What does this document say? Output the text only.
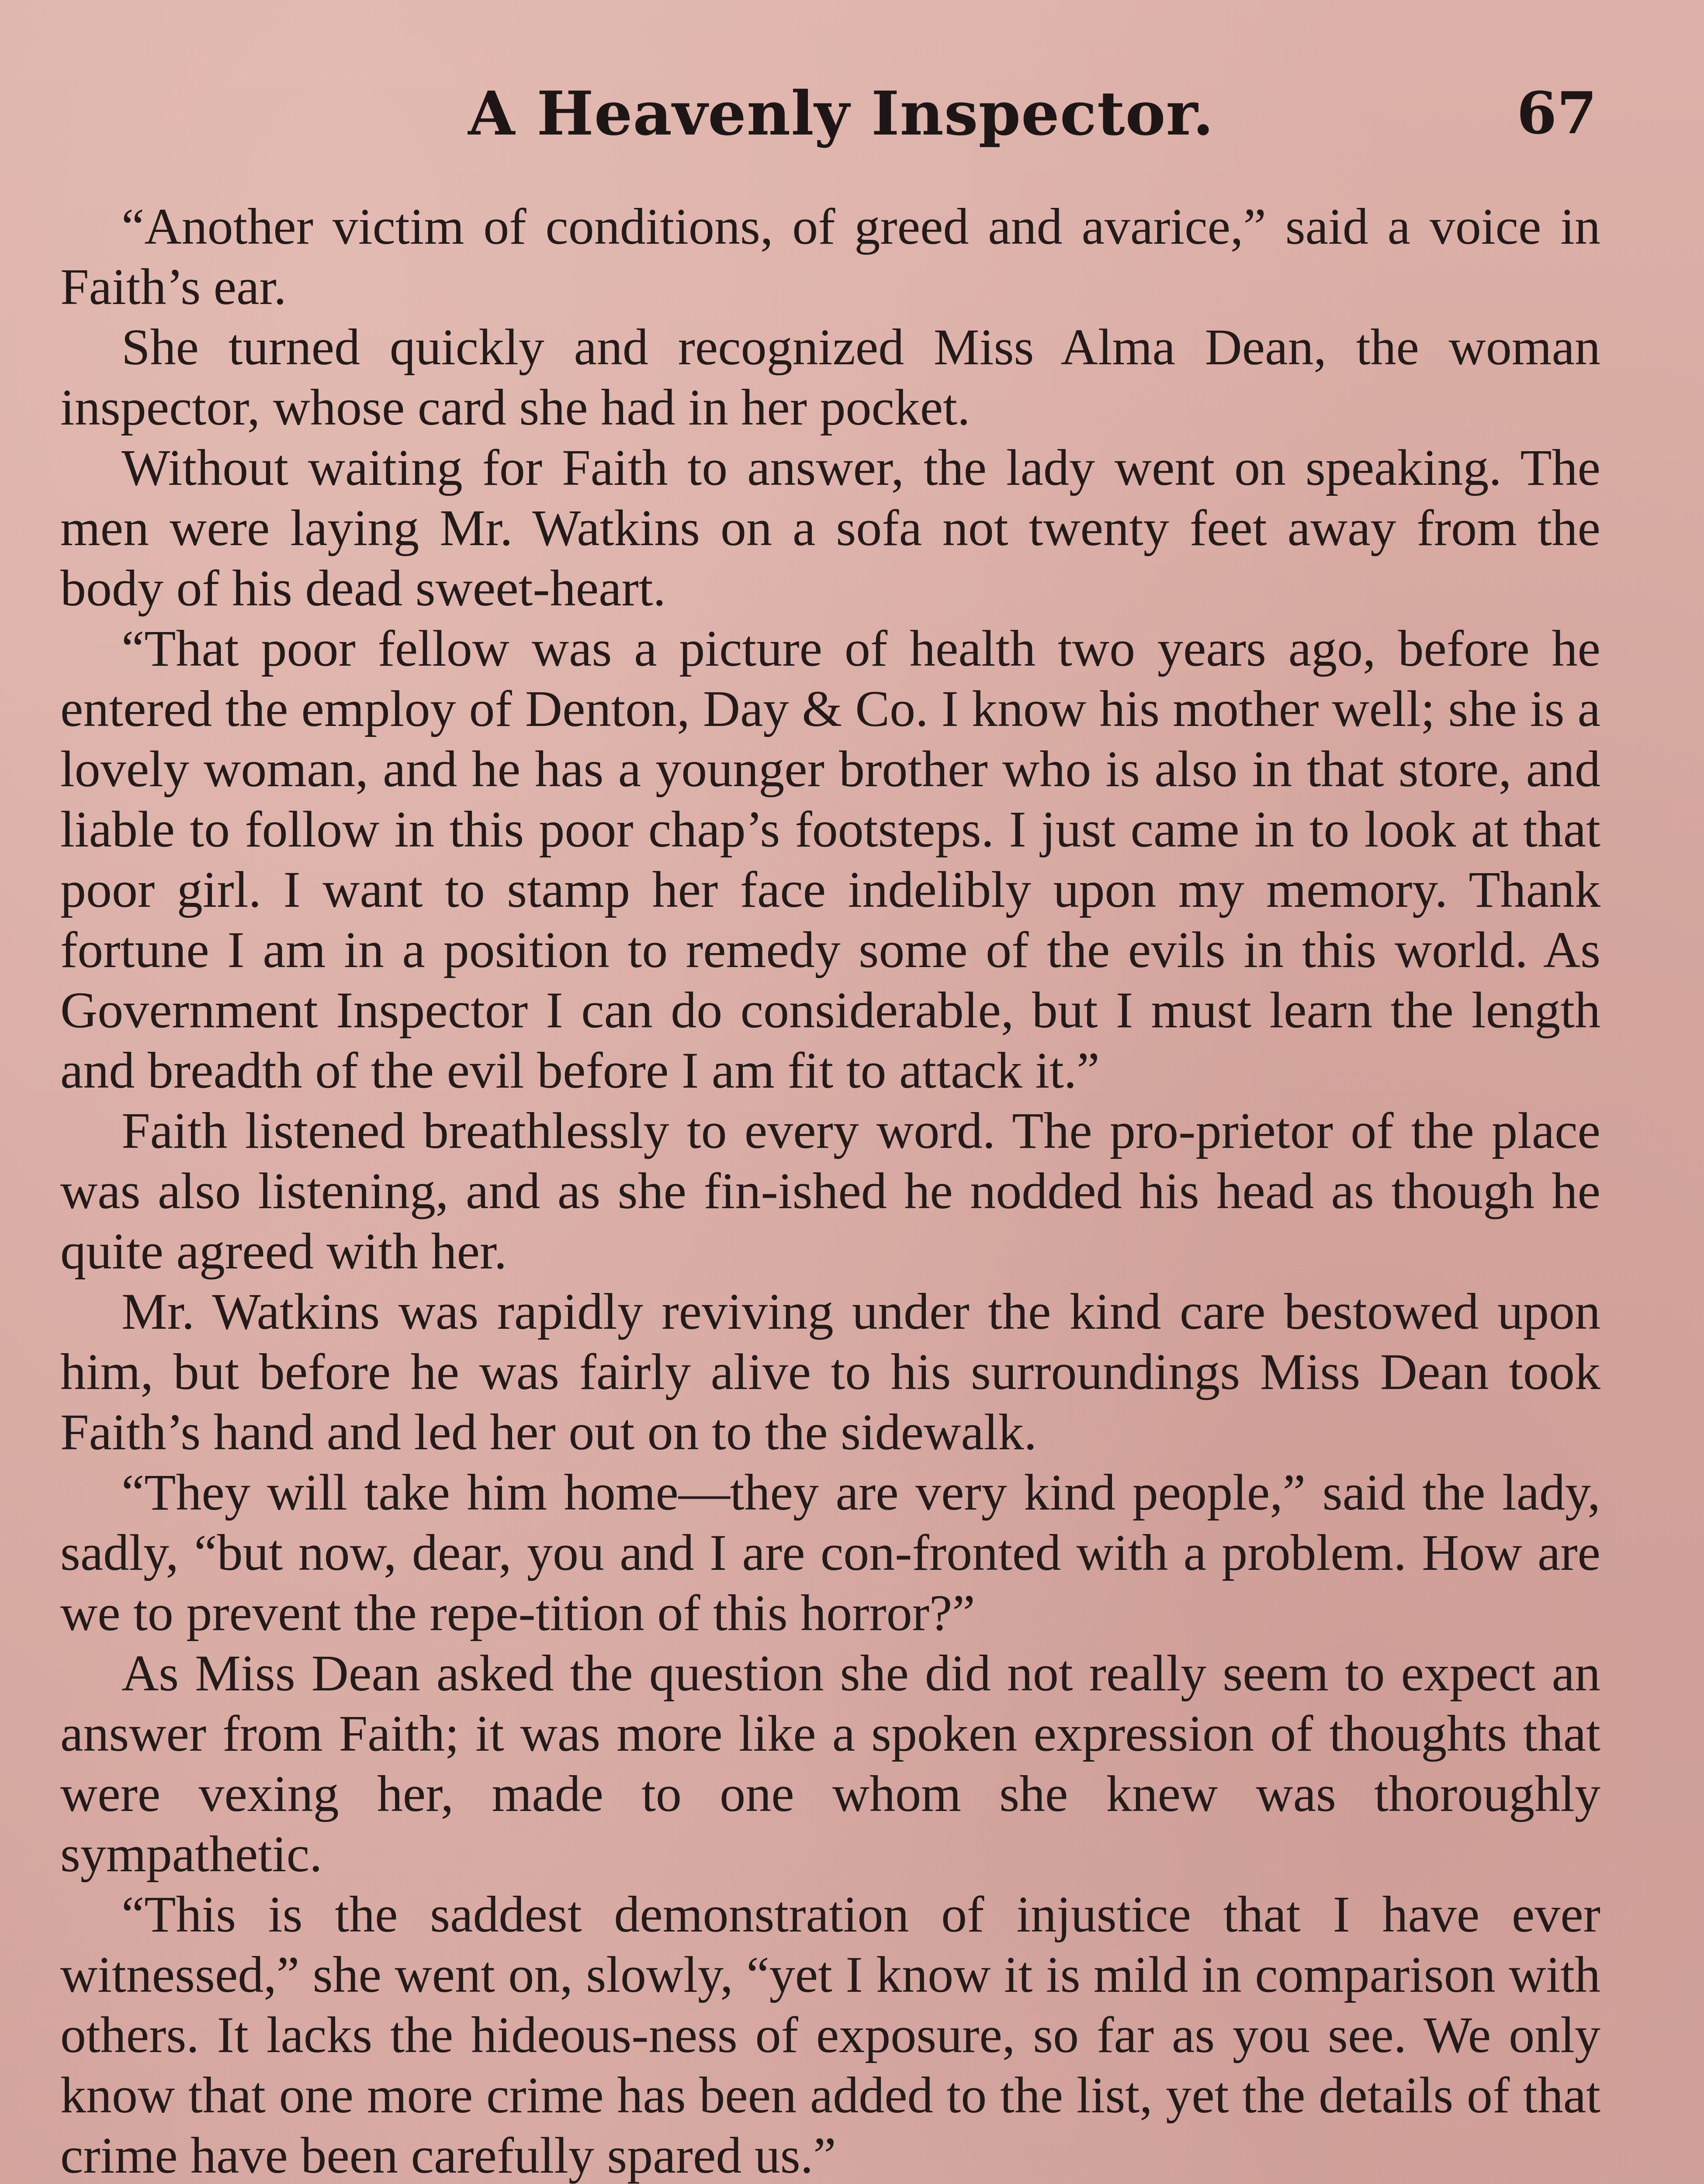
A Heavenly Inspector.	67

“Another victim of conditions, of greed and avarice,” said a voice in Faith’s ear.

She turned quickly and recognized Miss Alma Dean, the woman inspector, whose card she had in her pocket.

Without waiting for Faith to answer, the lady went on speaking. The men were laying Mr. Watkins on a sofa not twenty feet away from the body of his dead sweet-heart.

“That poor fellow was a picture of health two years ago, before he entered the employ of Denton, Day & Co. I know his mother well; she is a lovely woman, and he has a younger brother who is also in that store, and liable to follow in this poor chap’s footsteps. I just came in to look at that poor girl. I want to stamp her face indelibly upon my memory. Thank fortune I am in a position to remedy some of the evils in this world. As Government Inspector I can do considerable, but I must learn the length and breadth of the evil before I am fit to attack it.”

Faith listened breathlessly to every word. The pro-prietor of the place was also listening, and as she fin-ished he nodded his head as though he quite agreed with her.

Mr. Watkins was rapidly reviving under the kind care bestowed upon him, but before he was fairly alive to his surroundings Miss Dean took Faith’s hand and led her out on to the sidewalk.

“They will take him home—they are very kind people,” said the lady, sadly, “but now, dear, you and I are con-fronted with a problem. How are we to prevent the repe-tition of this horror?”

As Miss Dean asked the question she did not really seem to expect an answer from Faith; it was more like a spoken expression of thoughts that were vexing her, made to one whom she knew was thoroughly sympathetic.

“This is the saddest demonstration of injustice that I have ever witnessed,” she went on, slowly, “yet I know it is mild in comparison with others. It lacks the hideous-ness of exposure, so far as you see. We only know that one more crime has been added to the list, yet the details of that crime have been carefully spared us.”
